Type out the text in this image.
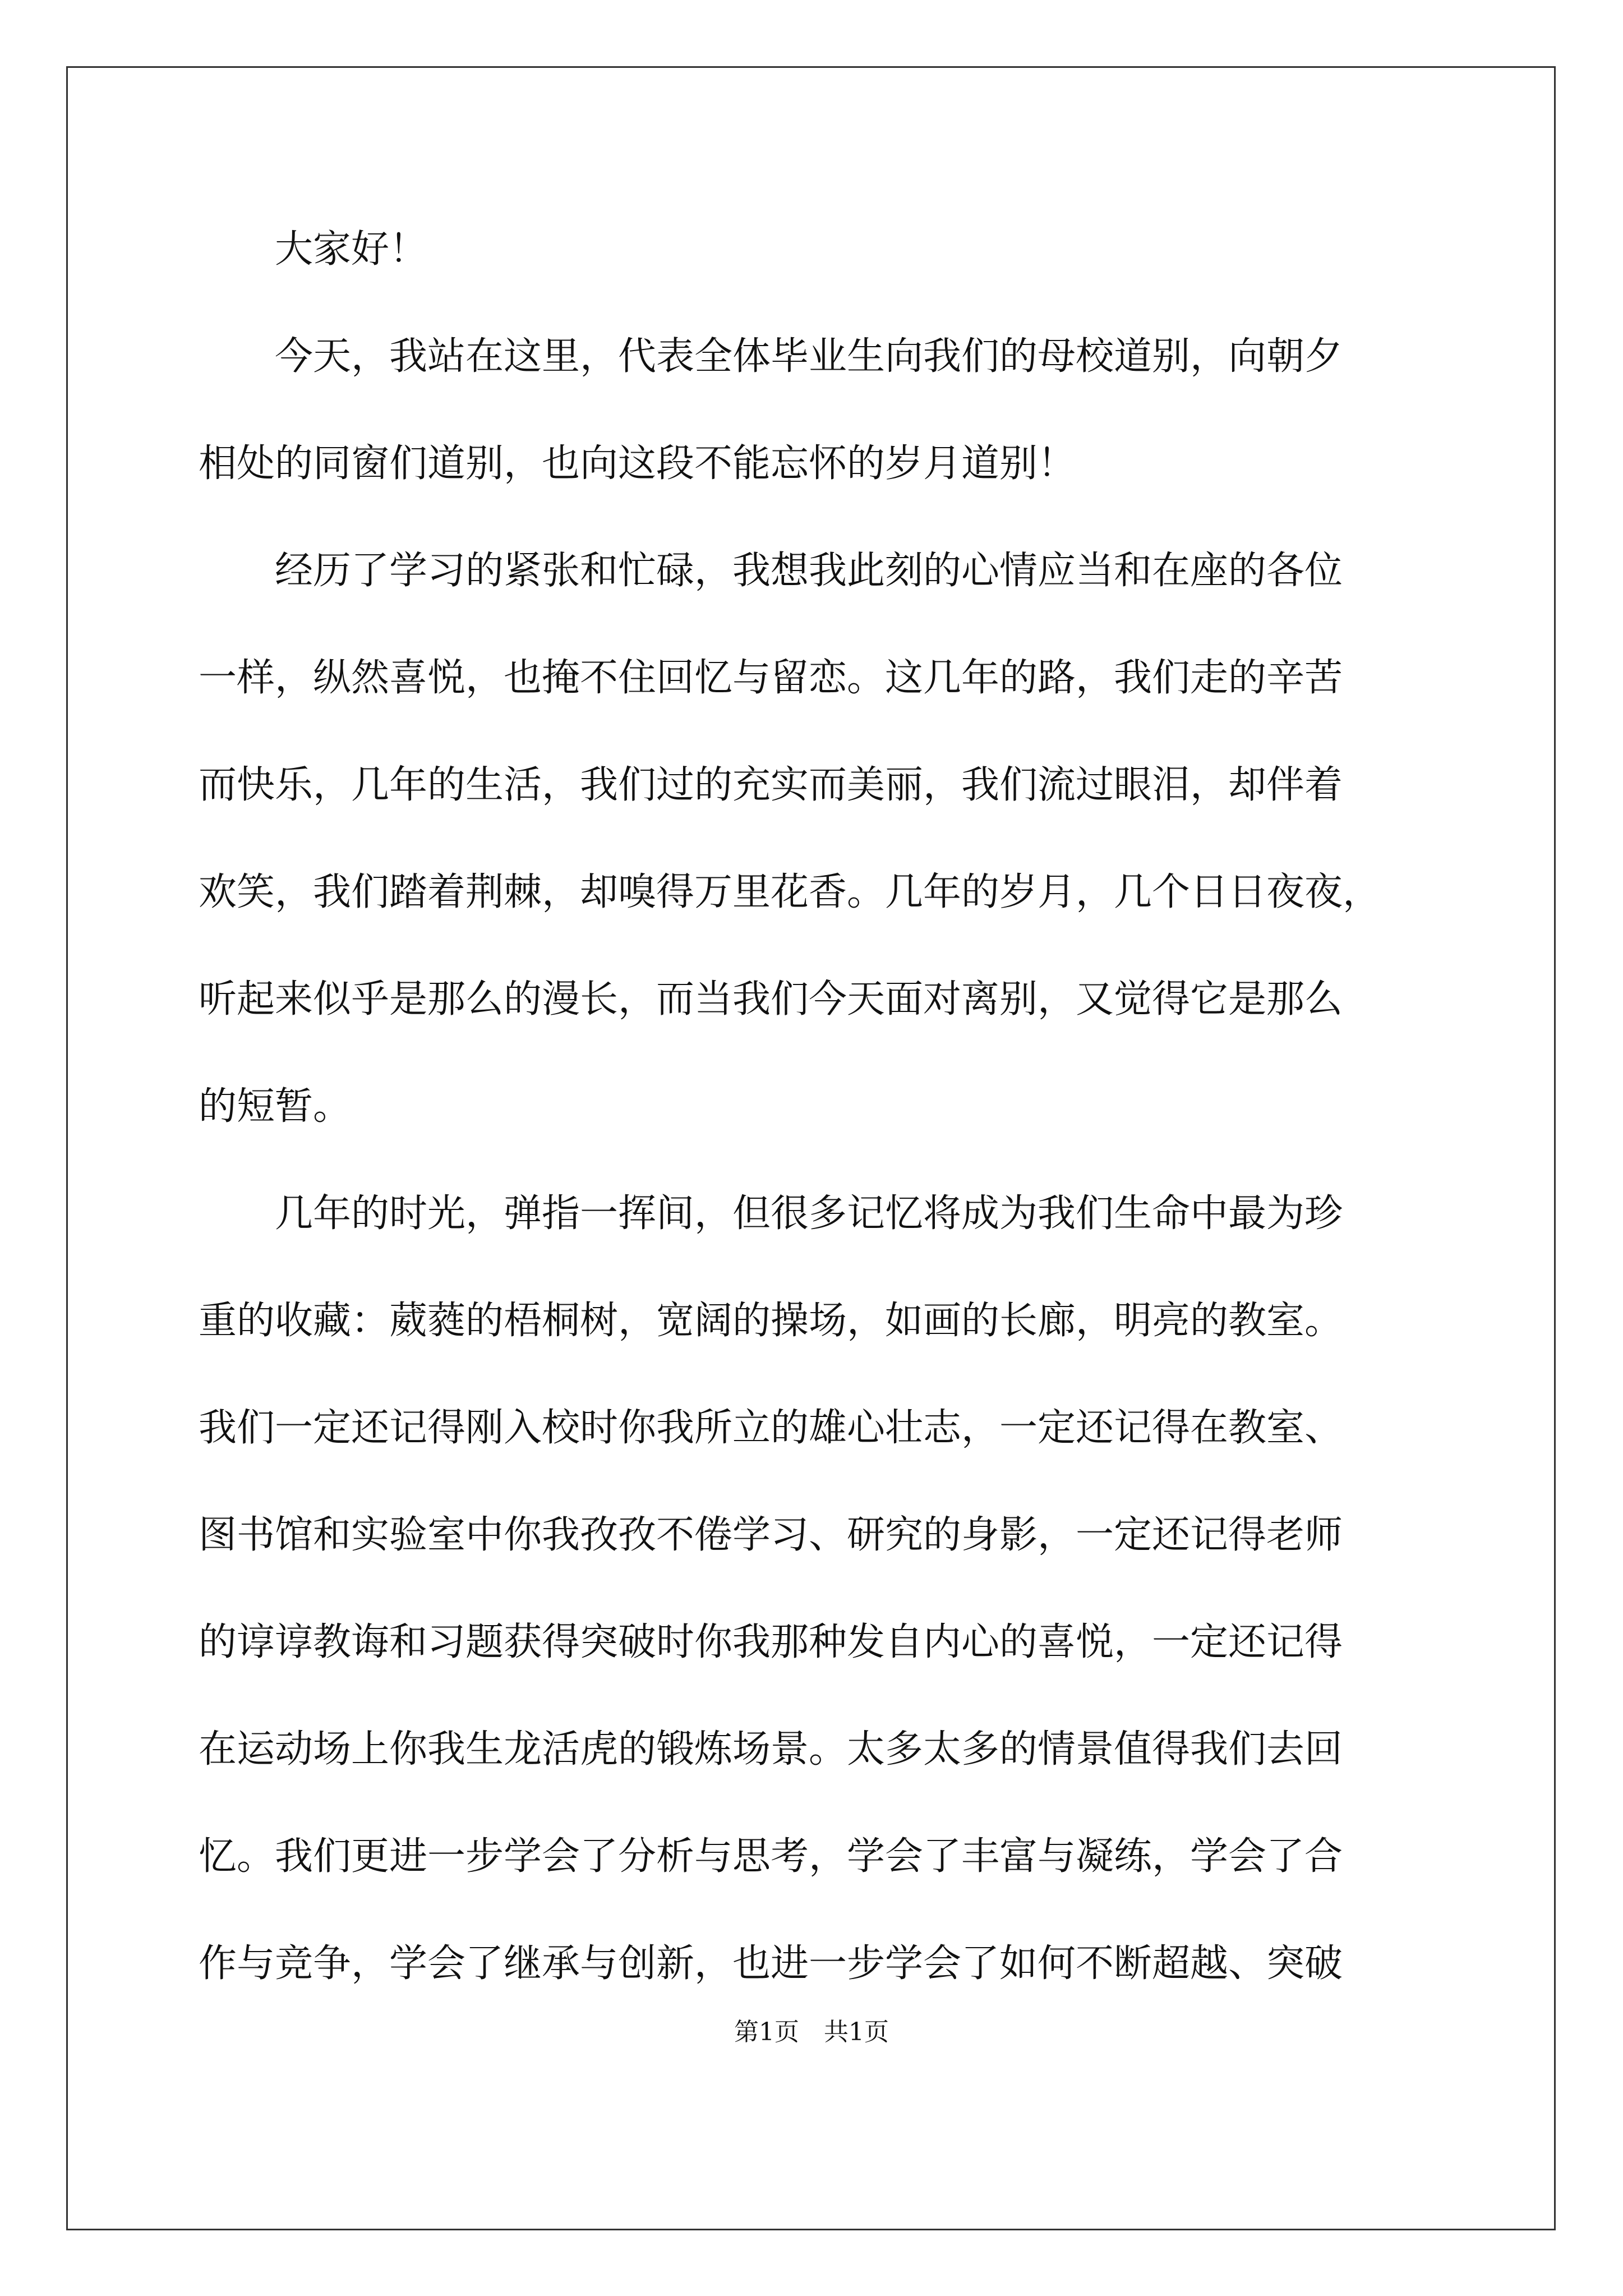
　　大家好！
　　今天，我站在这里，代表全体毕业生向我们的母校道别，向朝夕
相处的同窗们道别，也向这段不能忘怀的岁月道别！
　　经历了学习的紧张和忙碌，我想我此刻的心情应当和在座的各位
一样，纵然喜悦，也掩不住回忆与留恋。这几年的路，我们走的辛苦
而快乐，几年的生活，我们过的充实而美丽，我们流过眼泪，却伴着
欢笑，我们踏着荆棘，却嗅得万里花香。几年的岁月，几个日日夜夜，
听起来似乎是那么的漫长，而当我们今天面对离别，又觉得它是那么
的短暂。
　　几年的时光，弹指一挥间，但很多记忆将成为我们生命中最为珍
重的收藏：葳蕤的梧桐树，宽阔的操场，如画的长廊，明亮的教室。
我们一定还记得刚入校时你我所立的雄心壮志，一定还记得在教室、
图书馆和实验室中你我孜孜不倦学习、研究的身影，一定还记得老师
的谆谆教诲和习题获得突破时你我那种发自内心的喜悦，一定还记得
在运动场上你我生龙活虎的锻炼场景。太多太多的情景值得我们去回
忆。我们更进一步学会了分析与思考，学会了丰富与凝练，学会了合
作与竞争，学会了继承与创新，也进一步学会了如何不断超越、突破
第1页　共1页
